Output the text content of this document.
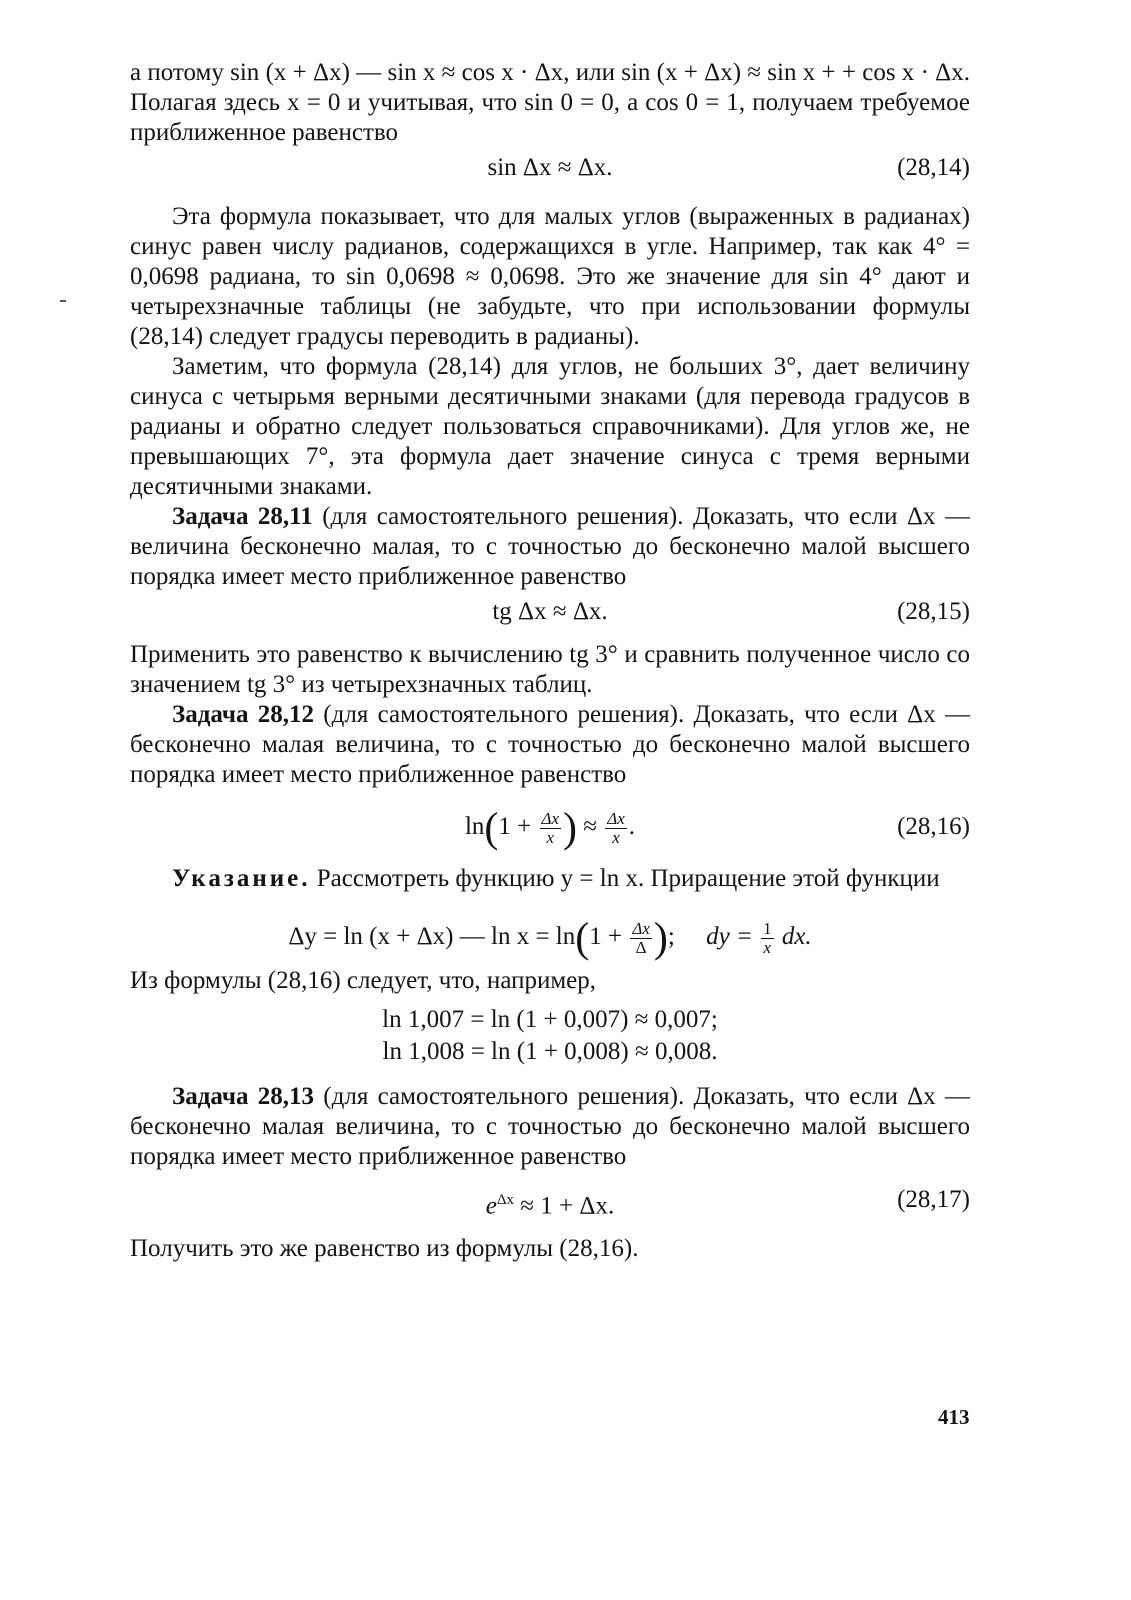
а потому sin (x + Δx) — sin x ≈ cos x · Δx, или sin (x + Δx) ≈ sin x + + cos x · Δx. Полагая здесь x = 0 и учитывая, что sin 0 = 0, а cos 0 = 1, получаем требуемое приближенное равенство

sin Δx ≈ Δx.	(28,14)

Эта формула показывает, что для малых углов (выраженных в радианах) синус равен числу радианов, содержащихся в угле. Например, так как 4° = 0,0698 радиана, то sin 0,0698 ≈ 0,0698. Это же значение для sin 4° дают и четырехзначные таблицы (не забудьте, что при использовании формулы (28,14) следует градусы переводить в радианы).

Заметим, что формула (28,14) для углов, не больших 3°, дает величину синуса с четырьмя верными десятичными знаками (для перевода градусов в радианы и обратно следует пользоваться справочниками). Для углов же, не превышающих 7°, эта формула дает значение синуса с тремя верными десятичными знаками.

Задача 28,11 (для самостоятельного решения). Доказать, что если Δx — величина бесконечно малая, то с точностью до бесконечно малой высшего порядка имеет место приближенное равенство

tg Δx ≈ Δx.	(28,15)

Применить это равенство к вычислению tg 3° и сравнить полученное число со значением tg 3° из четырехзначных таблиц.

Задача 28,12 (для самостоятельного решения). Доказать, что если Δx — бесконечно малая величина, то с точностью до бесконечно малой высшего порядка имеет место приближенное равенство

$\ln(1 + \frac{\Delta x}{x}$ ) ≈ $\frac{\Delta x}{x}$ .	(28,16)

Указание. Рассмотреть функцию y = ln x. Приращение этой функции

Δy = ln (x + Δx) — $\ln x = \ln(1 + \frac{\Delta x}{\Delta}$ ); dy = $\frac{1}{x}$ dx.

Из формулы (28,16) следует, что, например,

ln 1,007 = ln (1 + 0,007) ≈ 0,007;
ln 1,008 = ln (1 + 0,008) ≈ 0,008.

Задача 28,13 (для самостоятельного решения). Доказать, что если Δx — бесконечно малая величина, то с точностью до бесконечно малой высшего порядка имеет место приближенное равенство

$e^{\Delta x} \approx 1 + \Delta x$.	(28,17)

Получить это же равенство из формулы (28,16).

413
